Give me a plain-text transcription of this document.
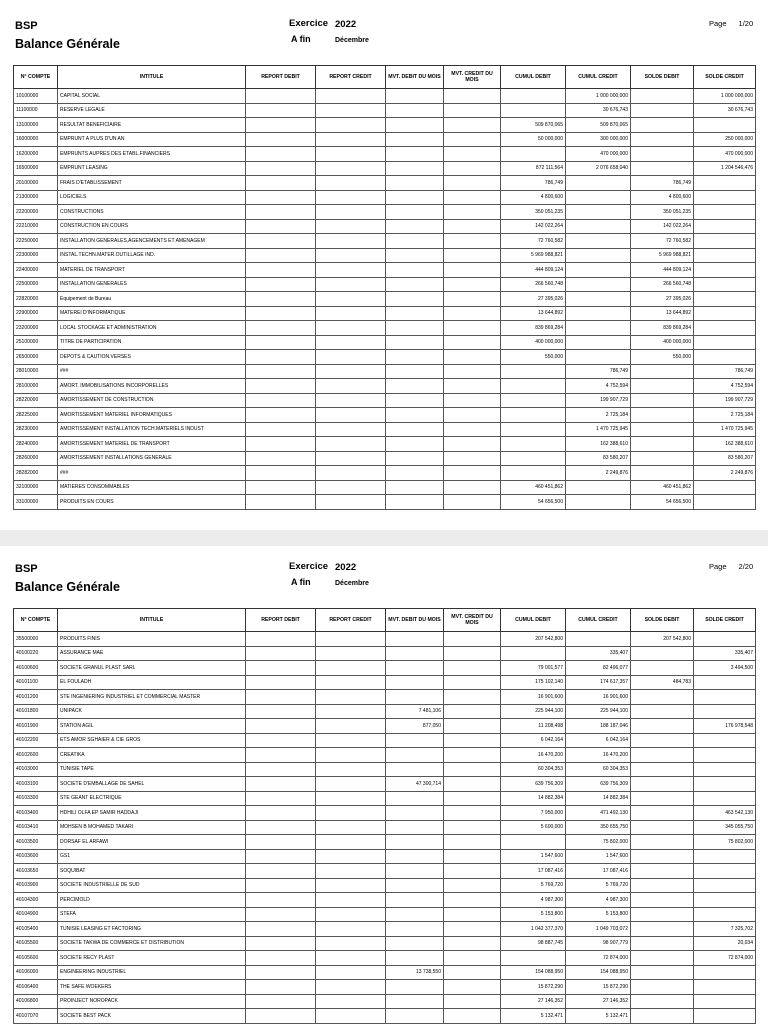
BSP
Balance Générale
Exercice 2022
A fin	Décembre
Page 1/20
N° COMPTE	INTITULE	REPORT DEBIT	REPORT CREDIT	MVT. DEBIT DU MOIS	MVT. CREDIT DU MOIS	CUMUL DEBIT	CUMUL CREDIT	SOLDE DEBIT	SOLDE CREDIT
10100000	CAPITAL SOCIAL						1 000 000,000		1 000 000,000
11100000	RESERVE LEGALE						30 676,743		30 676,743
13100000	RESULTAT BENEFICIAIRE					509 870,065	509 870,065		
16000000	EMPRUNT A PLUS D'UN AN					50 000,000	300 000,000		250 000,000
16200000	EMPRUNTS AUPRES DES ETABL.FINANCIERS						470 000,000		470 000,000
16500000	EMPRUNT LEASING					872 111,564	2 076 658,040		1 204 546,476
20100000	FRAIS D'ETABLISSEMENT					786,749		786,749	
21300000	LOGICIELS					4 800,600		4 800,600	
22200000	CONSTRUCTIONS					350 051,235		350 051,235	
22210000	CONSTRUCTION EN COURS					142 022,264		142 022,264	
22250000	INSTALLATION GENERALES,AGENCEMENTS ET AMENAGEM					72 760,582		72 760,582	
22300000	INSTAL.TECHN.MATER.OUTILLAGE IND.					5 969 988,821		5 969 988,821	
22400000	MATERIEL DE TRANSPORT					444 809,124		444 809,124	
22500000	INSTALLATION GENERALES					266 560,748		266 560,748	
22820000	Equipement de Bureau					27 395,026		27 395,026	
22900000	MATEREl D'INFORMATIQUE					13 644,892		13 644,892	
23200000	LOCAL STOCKAGE ET ADMINISTRATION					839 869,284		839 869,284	
25100000	TITRE DE PARTICIPATION					400 000,000		400 000,000	
26500000	DEPOTS & CAUTION.VERSES					550,000		550,000	
28010000	###						786,749		786,749
28100000	AMORT. IMMOBILISATIONS INCORPORELLES						4 752,594		4 752,594
28220000	AMORTISSEMENT DE CONSTRUCTION						199 907,729		199 907,729
28225000	AMORTISSEMENT MATERIEL INFORMATIQUES						2 725,184		2 725,184
28230000	AMORTISSEMENT INSTALLATION TECH.MATERIELS INDUST						1 470 725,945		1 470 725,945
28240000	AMORTISSEMENT MATERIEL DE TRANSPORT						162 388,610		162 388,610
28260000	AMORTISSEMENT INSTALLATIONS GENERALE						83 580,207		83 580,207
28282000	###						2 249,876		2 249,876
32100000	MATIERES CONSOMMABLES					460 451,862		460 451,862	
33100000	PRODUITS EN COURS					54 656,500		54 656,500	
BSP
Balance Générale
Exercice 2022
A fin	Décembre
Page 2/20
N° COMPTE	INTITULE	REPORT DEBIT	REPORT CREDIT	MVT. DEBIT DU MOIS	MVT. CREDIT DU MOIS	CUMUL DEBIT	CUMUL CREDIT	SOLDE DEBIT	SOLDE CREDIT
35500000	PRODUITS FINIS					207 542,800		207 542,800	
40100220	ASSURANCE MAE						335,407		335,407
40100600	SOCIETE GRANUL PLAST SARL					79 001,577	82 496,077		3 494,500
40101100	EL FOULADH					175 102,140	174 617,357	484,783	
40101200	STE INGENIERING INDUSTRIEL ET COMMERCIAL MASTER					16 901,600	16 901,600		
40101800	UNIPACK			7 481,106		225 944,100	225 944,100		
40101900	STATION AGIL			877,050		11 208,498	188 187,046		176 978,548
40102200	ETS AMOR SGHAIER & CIE GROS					6 042,164	6 042,164		
40102600	CREATIKA					16 470,200	16 470,200		
40103000	TUNISIE TAPE					60 304,353	60 304,353		
40103100	SOCIETE D'EMBALLAGE DE SAHEL			47 300,714		639 756,309	639 756,309		
40103300	STE GEANT ELECTRIQUE					14 882,384	14 882,384		
40103400	HDHILI OLFA EP SAMIR HADDAJI					7 950,000	471 492,130		463 542,130
40103410	MOHSEN B MOHAMED TAKARI					5 600,000	350 655,750		345 055,750
40103500	DORSAF EL ARFAWI						75 802,000		75 802,000
40103600	GS1					1 547,600	1 547,600		
40103650	SOQUIBAT					17 087,416	17 087,416		
40103900	SOCIETE INDUSTRIELLE DE SUD					5 769,720	5 769,720		
40104300	PERCIMOLD					4 987,300	4 987,300		
40104900	STEFA					5 153,800	5 153,800		
40105400	TUNISIE LEASING ET FACTORING					1 042 377,370	1 049 703,072		7 325,702
40105500	SOCIETE TAKWA DE COMMERCE ET DISTRIBUTION					98 887,745	98 907,779		20,034
40105600	SOCIETE RECY PLAST						72 874,000		72 874,000
40106000	ENGINEERING INDUSTRIEL			13 738,550		154 088,950	154 088,950		
40106400	THE SAFE WOEKERS					15 872,290	15 872,290		
40106800	PROINJECT NOROPACK					27 146,352	27 146,352		
40107070	SOCIETE BEST PACK					5 132,471	5 132,471		
